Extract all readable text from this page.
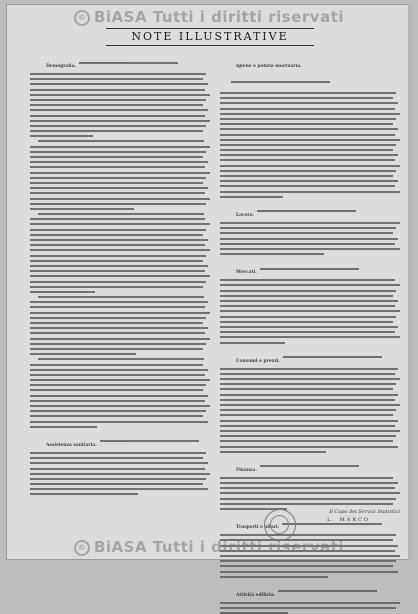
© BiASA Tutti i diritti riservati
NOTE ILLUSTRATIVE
Demografia.
Assistenza sanitaria.
Igiene e polizia mortuaria.
Lavoro.
Mercati.
Consumi e prezzi.
Finanza.
Trasporti e affari.
Attività edilizia.
Il Capo dei Servizi Statistici
L. MARCO
© BiASA Tutti i diritti riservati
